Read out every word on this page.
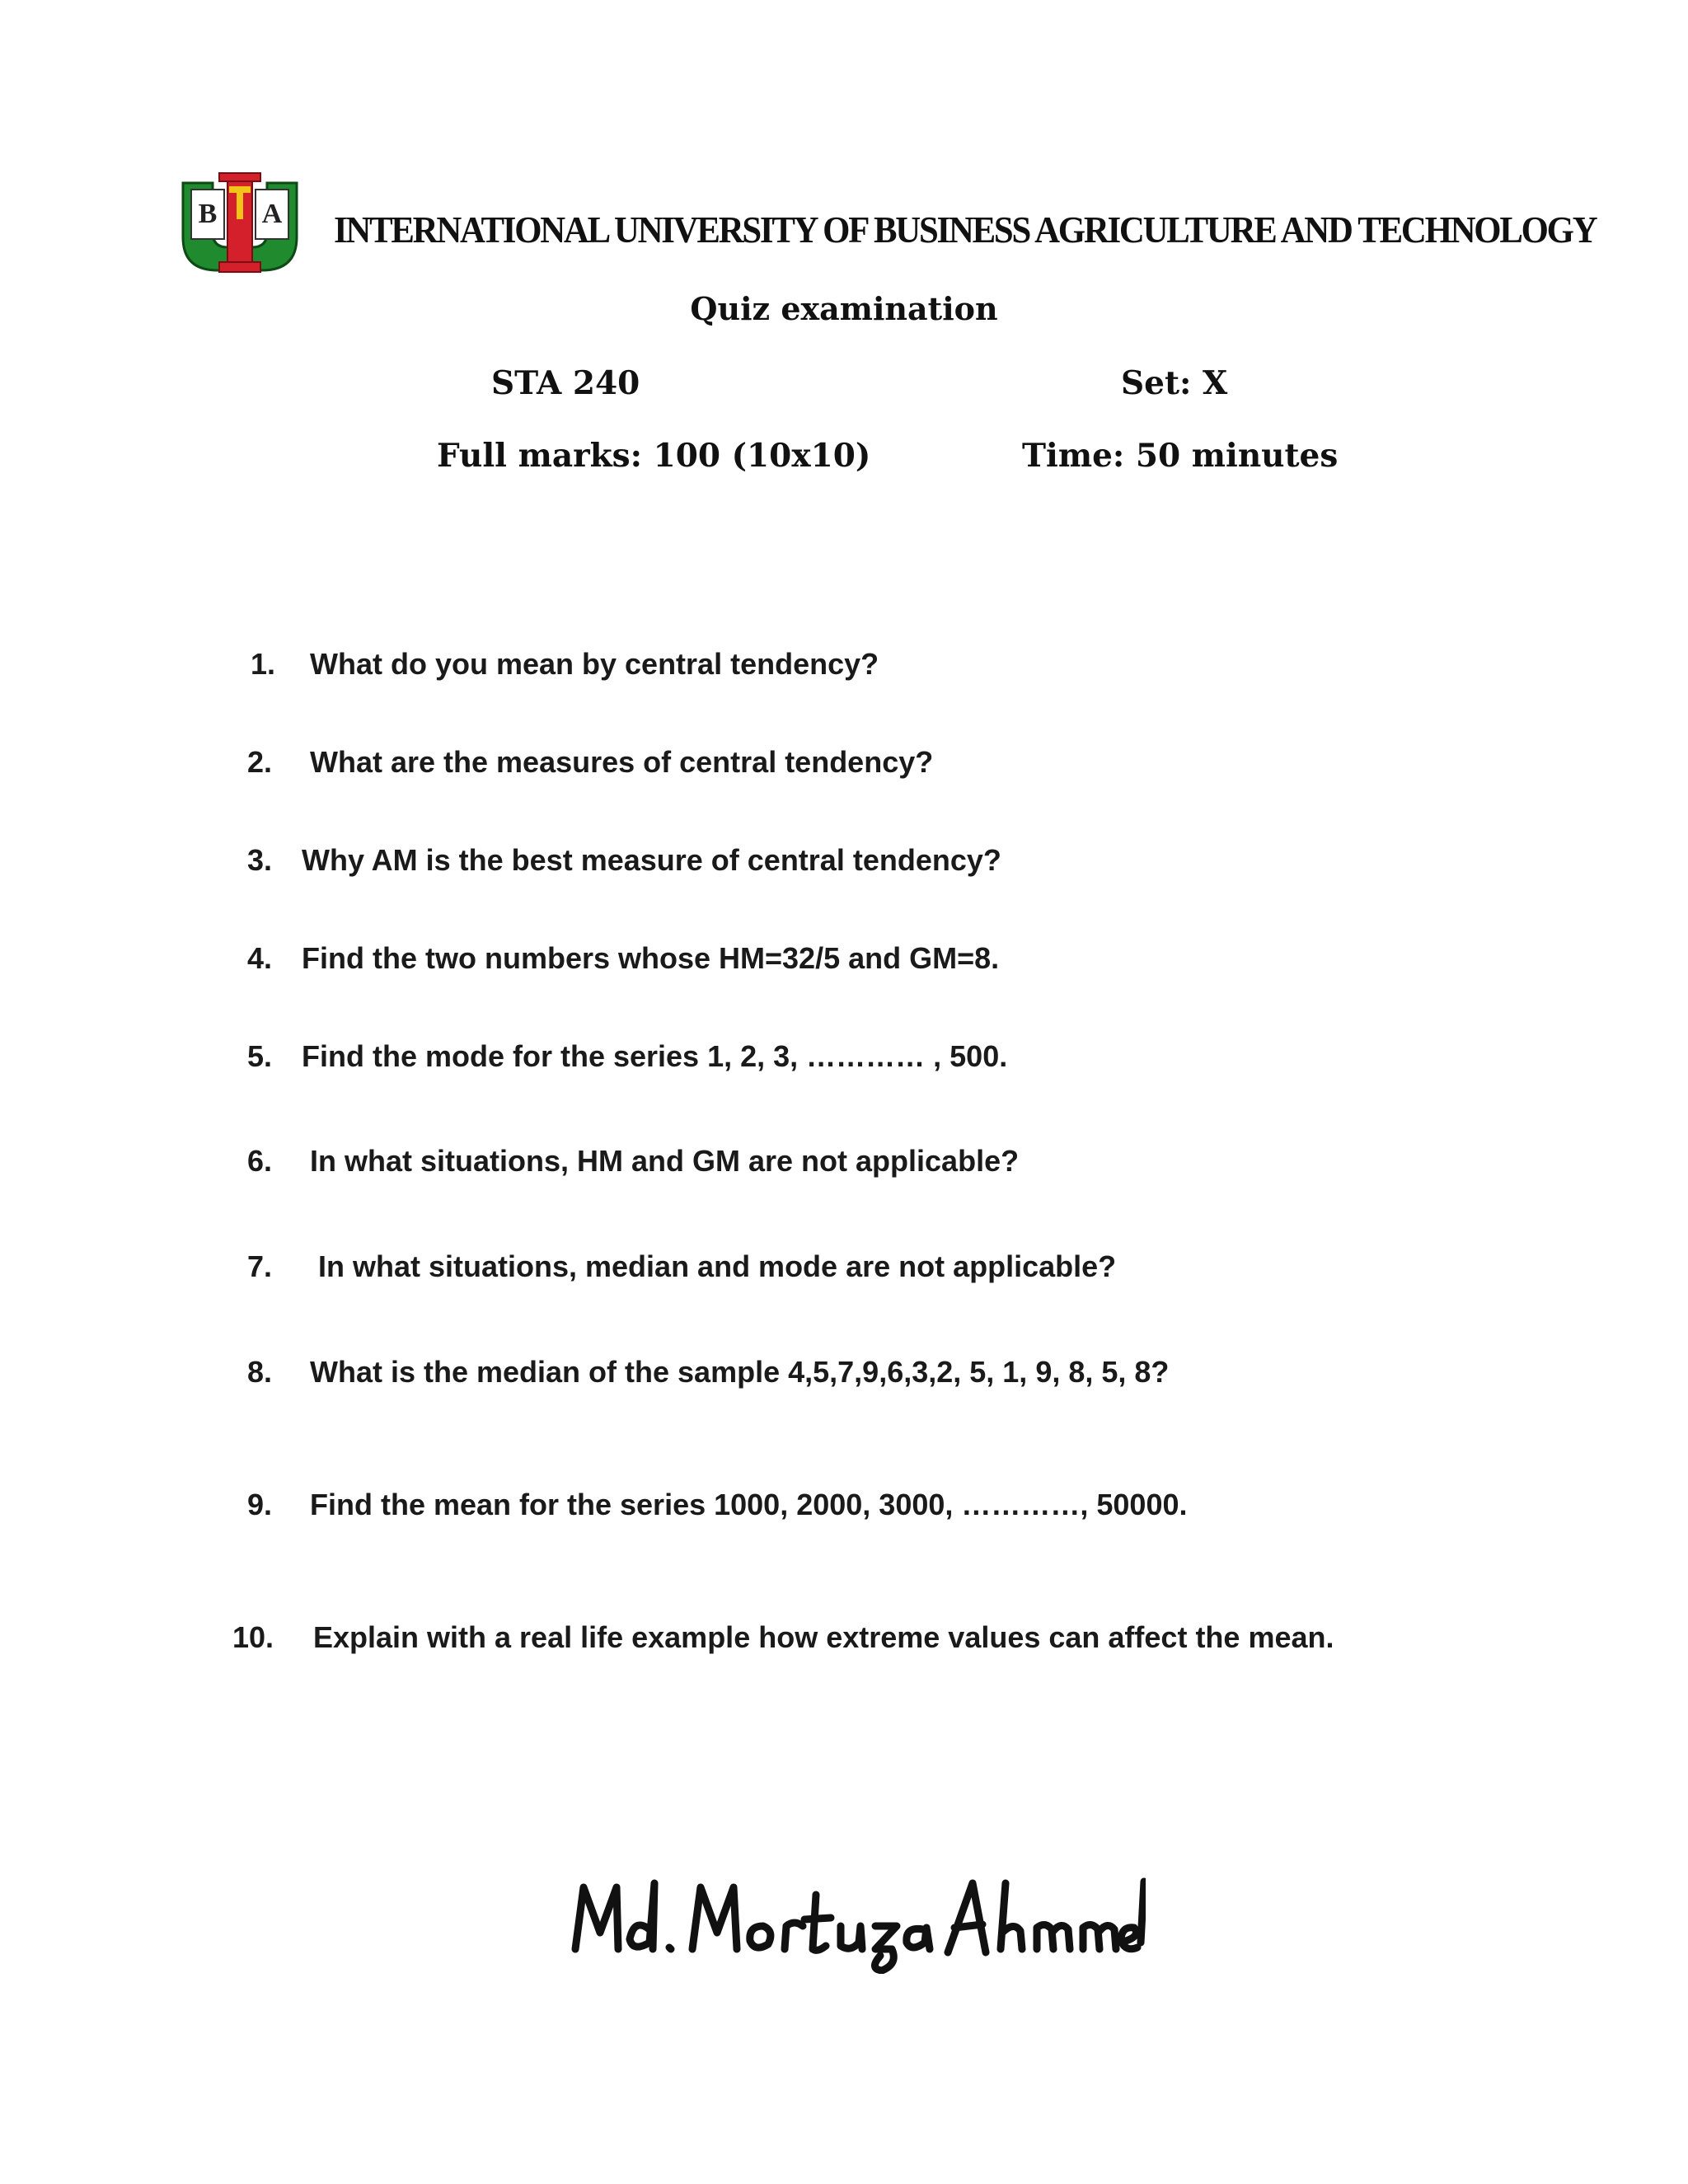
B A INTERNATIONAL UNIVERSITY OF BUSINESS AGRICULTURE AND TECHNOLOGY
Quiz examination
STA 240	Set: X
Full marks: 100 (10x10)	Time: 50 minutes
1. What do you mean by central tendency?
2. What are the measures of central tendency?
3. Why AM is the best measure of central tendency?
4. Find the two numbers whose HM=32/5 and GM=8.
5. Find the mode for the series 1, 2, 3, ………… , 500.
6. In what situations, HM and GM are not applicable?
7. In what situations, median and mode are not applicable?
8. What is the median of the sample 4,5,7,9,6,3,2, 5, 1, 9, 8, 5, 8?
9. Find the mean for the series 1000, 2000, 3000, …………, 50000.
10. Explain with a real life example how extreme values can affect the mean.
